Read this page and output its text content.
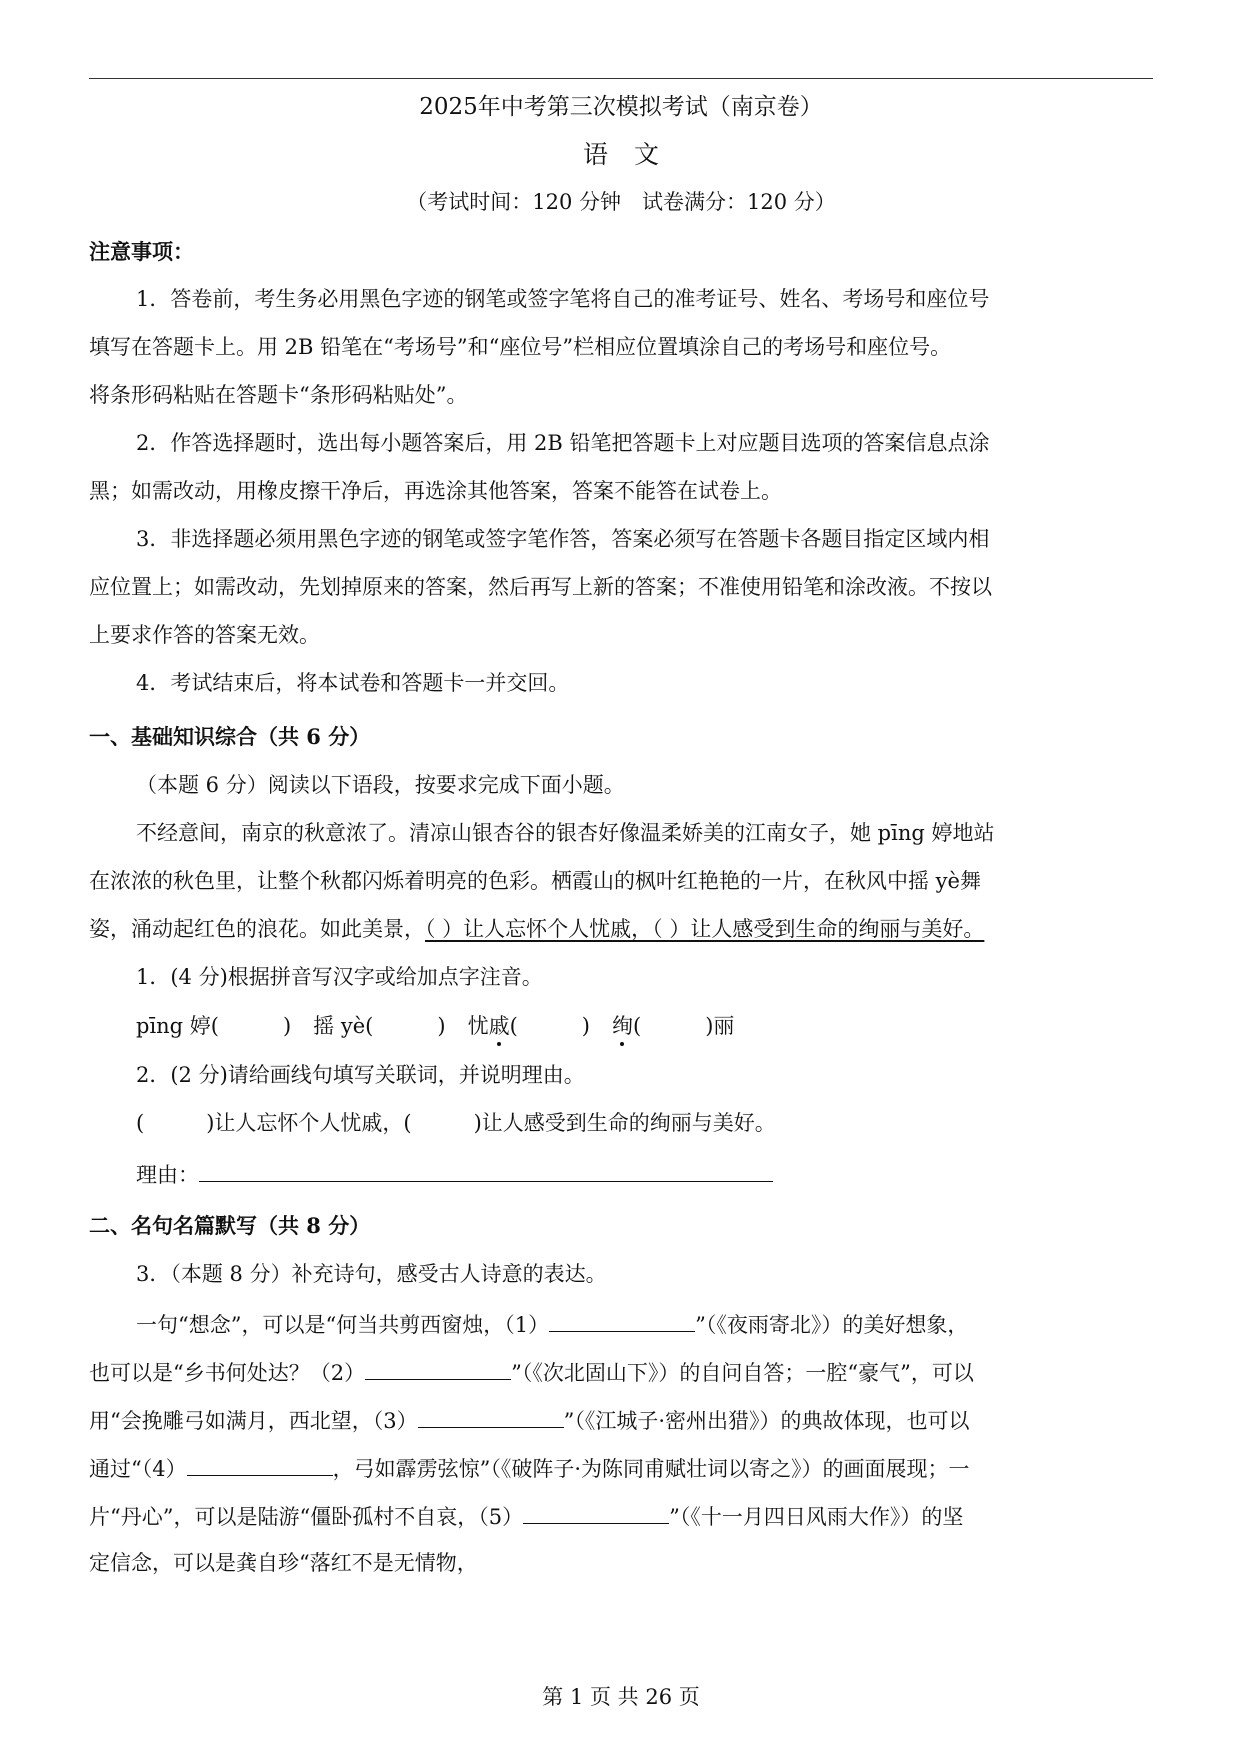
2025年中考第三次模拟考试（南京卷）
语文
（考试时间：120 分钟　试卷满分：120 分）
注意事项：
1．答卷前，考生务必用黑色字迹的钢笔或签字笔将自己的准考证号、姓名、考场号和座位号
填写在答题卡上。用 2B 铅笔在“考场号”和“座位号”栏相应位置填涂自己的考场号和座位号。
将条形码粘贴在答题卡“条形码粘贴处”。
2．作答选择题时，选出每小题答案后，用 2B 铅笔把答题卡上对应题目选项的答案信息点涂
黑；如需改动，用橡皮擦干净后，再选涂其他答案，答案不能答在试卷上。
3．非选择题必须用黑色字迹的钢笔或签字笔作答，答案必须写在答题卡各题目指定区域内相
应位置上；如需改动，先划掉原来的答案，然后再写上新的答案；不准使用铅笔和涂改液。不按以
上要求作答的答案无效。
4．考试结束后，将本试卷和答题卡一并交回。
一、基础知识综合（共 6 分）
（本题 6 分）阅读以下语段，按要求完成下面小题。
不经意间，南京的秋意浓了。清凉山银杏谷的银杏好像温柔娇美的江南女子，她 pīng 婷地站
在浓浓的秋色里，让整个秋都闪烁着明亮的色彩。栖霞山的枫叶红艳艳的一片，在秋风中摇 yè舞
姿，涌动起红色的浪花。如此美景，（ ）让人忘怀个人忧戚，（ ）让人感受到生命的绚丽与美好。
1．(4 分)根据拼音写汉字或给加点字注音。
pīng 婷(	) 摇 yè(	) 忧戚(	) 绚(	)丽
2．(2 分)请给画线句填写关联词，并说明理由。
(	)让人忘怀个人忧戚，(	)让人感受到生命的绚丽与美好。
理由：
二、名句名篇默写（共 8 分）
3．（本题 8 分）补充诗句，感受古人诗意的表达。
一句“想念”，可以是“何当共剪西窗烛，（1）	”（《夜雨寄北》）的美好想象，
也可以是“乡书何处达？（2）	”（《次北固山下》）的自问自答；一腔“豪气”，可以
用“会挽雕弓如满月，西北望，（3）	”（《江城子·密州出猎》）的典故体现，也可以
通过“（4）	，弓如霹雳弦惊”（《破阵子·为陈同甫赋壮词以寄之》）的画面展现；一
片“丹心”，可以是陆游“僵卧孤村不自哀，（5）	”（《十一月四日风雨大作》）的坚
定信念，可以是龚自珍“落红不是无情物，
第 1 页 共 26 页
